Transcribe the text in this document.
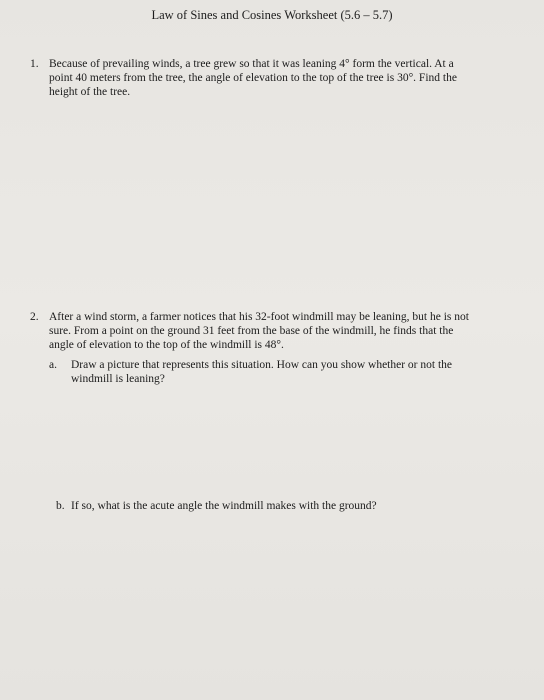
Law of Sines and Cosines Worksheet (5.6 – 5.7)
1. Because of prevailing winds, a tree grew so that it was leaning 4° form the vertical. At a
point 40 meters from the tree, the angle of elevation to the top of the tree is 30°. Find the
height of the tree.
2. After a wind storm, a farmer notices that his 32-foot windmill may be leaning, but he is not
sure. From a point on the ground 31 feet from the base of the windmill, he finds that the
angle of elevation to the top of the windmill is 48°.
a. Draw a picture that represents this situation. How can you show whether or not the
windmill is leaning?
b. If so, what is the acute angle the windmill makes with the ground?
